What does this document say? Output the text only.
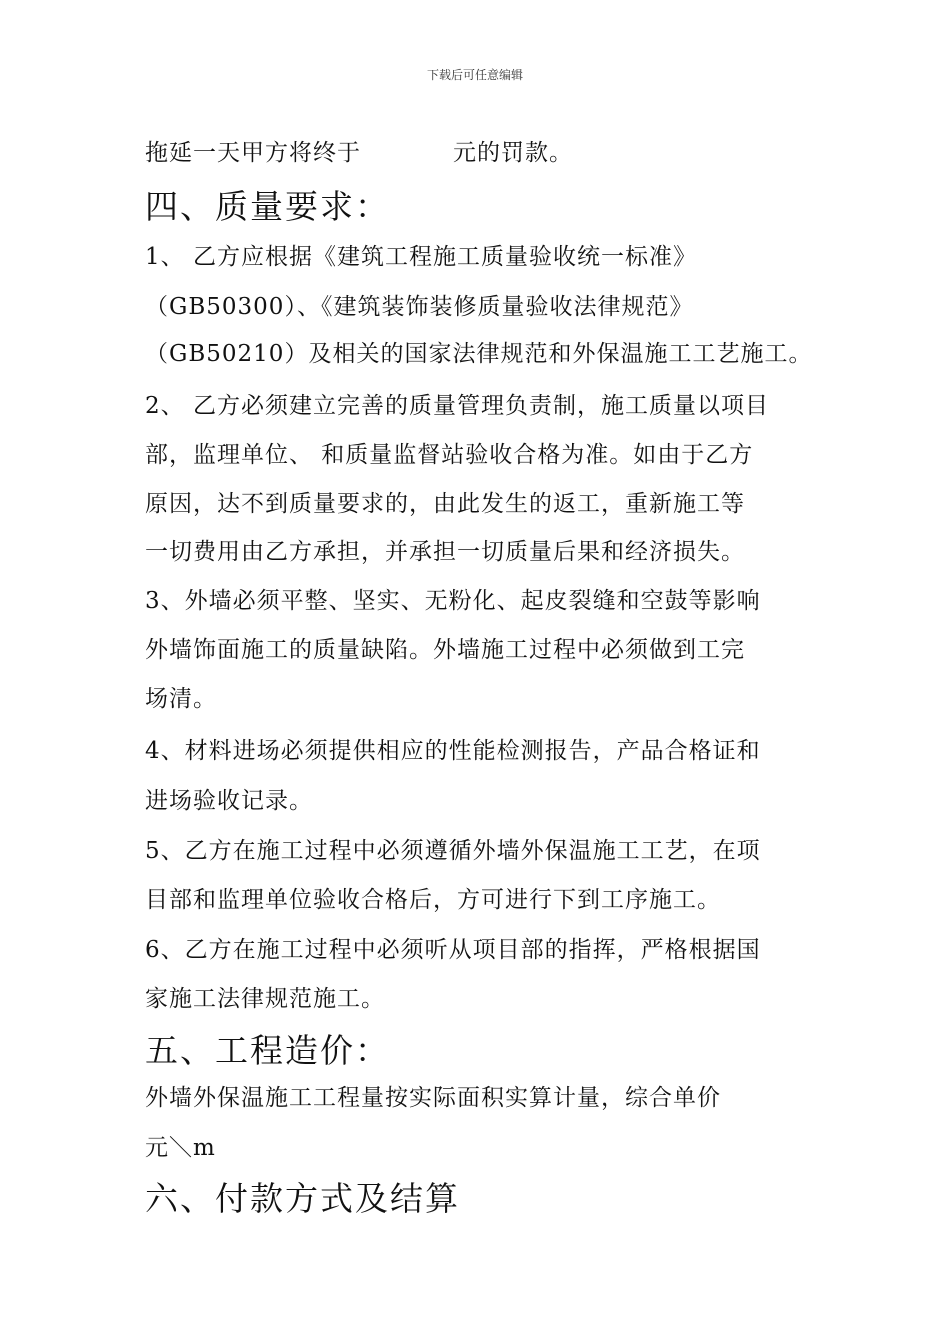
下载后可任意编辑
拖延一天甲方将终于	元的罚款。
四、质量要求：
1、 乙方应根据《建筑工程施工质量验收统一标准》
（GB50300）、《建筑装饰装修质量验收法律规范》
（GB50210）及相关的国家法律规范和外保温施工工艺施工。
2、 乙方必须建立完善的质量管理负责制，施工质量以项目
部，监理单位、 和质量监督站验收合格为准。如由于乙方
原因，达不到质量要求的，由此发生的返工，重新施工等
一切费用由乙方承担，并承担一切质量后果和经济损失。
3、外墙必须平整、坚实、无粉化、起皮裂缝和空鼓等影响
外墙饰面施工的质量缺陷。外墙施工过程中必须做到工完
场清。
4、材料进场必须提供相应的性能检测报告，产品合格证和
进场验收记录。
5、乙方在施工过程中必须遵循外墙外保温施工工艺，在项
目部和监理单位验收合格后，方可进行下到工序施工。
6、乙方在施工过程中必须听从项目部的指挥，严格根据国
家施工法律规范施工。
五、工程造价：
外墙外保温施工工程量按实际面积实算计量，综合单价
元＼m
六、付款方式及结算
